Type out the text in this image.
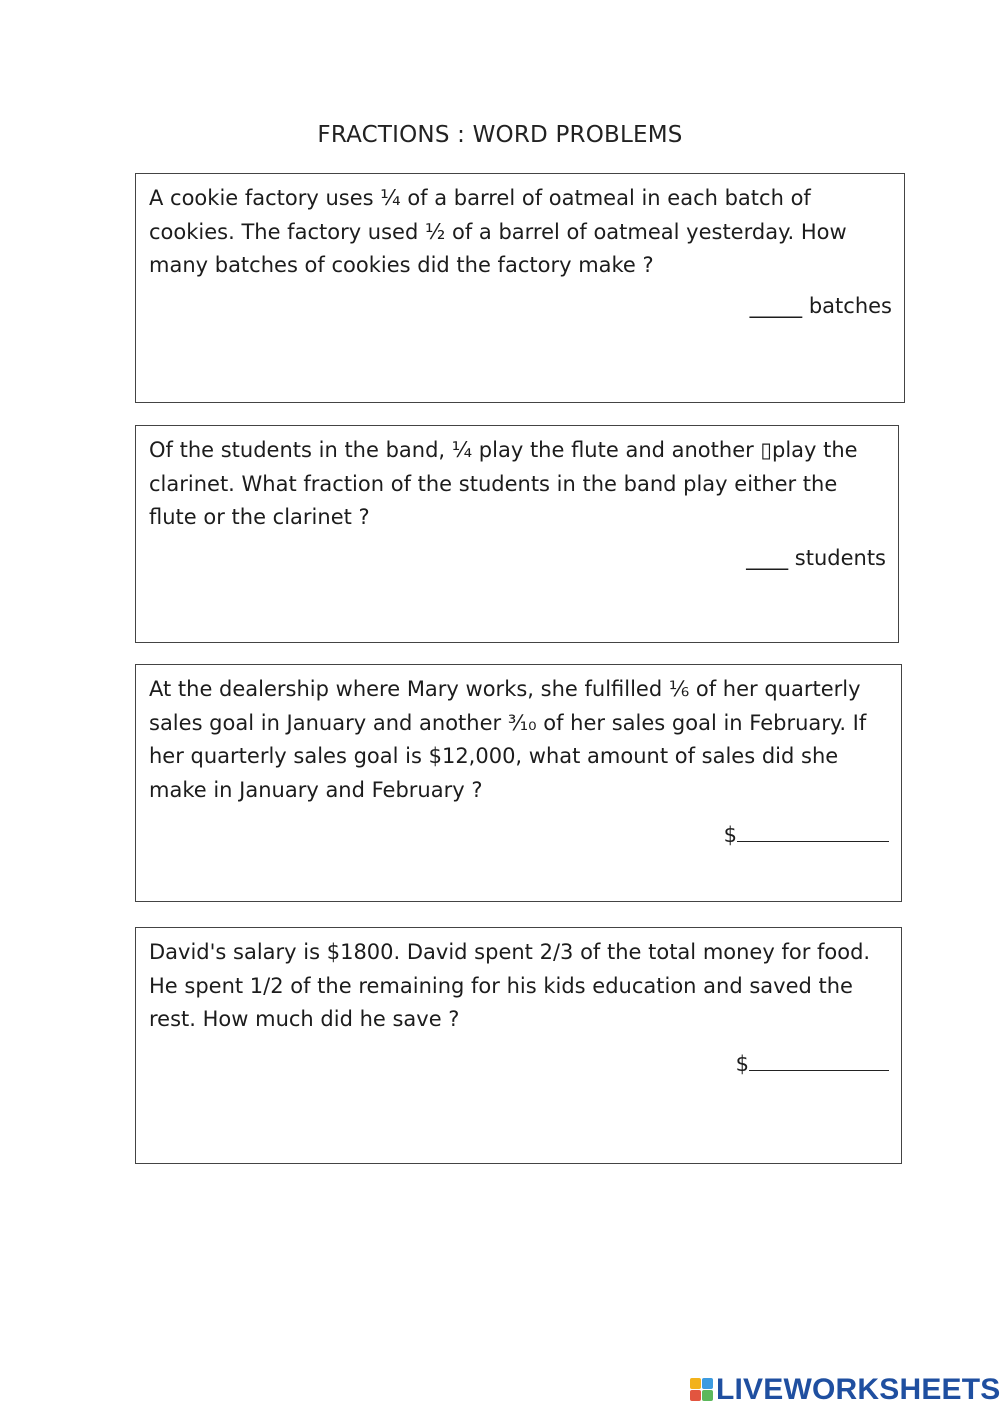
FRACTIONS : WORD PROBLEMS
A cookie factory uses ¼ of a barrel of oatmeal in each batch of cookies. The factory used ½ of a barrel of oatmeal yesterday. How many batches of cookies did the factory make ?
_____ batches
Of the students in the band, ¼ play the flute and another ▯play the clarinet. What fraction of the students in the band play either the flute or the clarinet ?
____ students
At the dealership where Mary works, she fulfilled ⅙ of her quarterly sales goal in January and another ³⁄₁₀ of her sales goal in February. If her quarterly sales goal is $12,000, what amount of sales did she make in January and February ?
$
David's salary is $1800. David spent 2/3 of the total money for food. He spent 1/2 of the remaining for his kids education and saved the rest. How much did he save ?
$
LIVEWORKSHEETS
